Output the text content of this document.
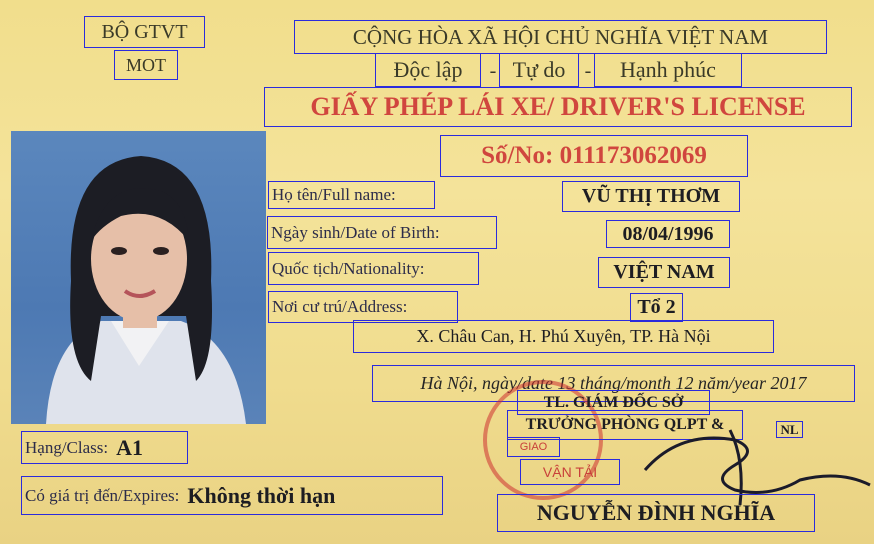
BỘ GTVT
MOT
CỘNG HÒA XÃ HỘI CHỦ NGHĨA VIỆT NAM
Độc lập	- Tự do -	Hạnh phúc
GIẤY PHÉP LÁI XE/ DRIVER'S LICENSE
Số/No: 011173062069
Họ tên/Full name:	VŨ THỊ THƠM
Ngày sinh/Date of Birth:	08/04/1996
Quốc tịch/Nationality:	VIỆT NAM
Nơi cư trú/Address:	Tổ 2
X. Châu Can, H. Phú Xuyên, TP. Hà Nội
Hà Nội, ngày/date 13 tháng/month 12 năm/year 2017
TL. GIÁM ĐỐC SỞ
TRƯỞNG PHÒNG QLPT &	NL
GIAO
VẬN TẢI
NGUYỄN ĐÌNH NGHĨA
Hạng/Class: A1
Có giá trị đến/Expires: Không thời hạn
